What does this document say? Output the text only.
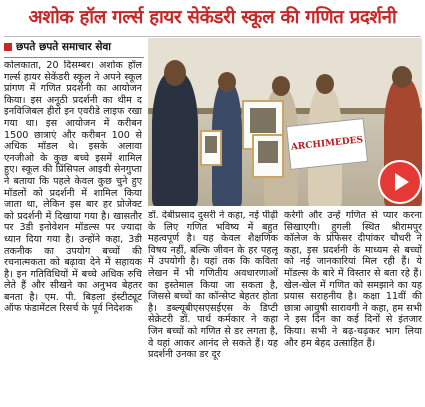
अशोक हॉल गर्ल्स हायर सेकेंडरी स्कूल की गणित प्रदर्शनी
छपते छपते समाचार सेवा

कोलकाता, 20 दिसम्बर। अशोक हॉल गर्ल्स हायर सेकेंडरी स्कूल ने अपने स्कूल प्रांगण में गणित प्रदर्शनी का आयोजन किया। इस अनूठी प्रदर्शनी का थीम द इनविजिबल हीरो इन एवरीडे लाइफ रखा गया था। इस आयोजन में करीबन 1500 छात्राएं और करीबन 100 से अधिक मॉडल थे। इसके अलावा एनजीओ के कुछ बच्चे इसमें शामिल हुए। स्कूल की प्रिंसिपल आइवी सेनगुप्ता ने बताया कि पहले केवल कुछ चुने हुए मॉडलों को प्रदर्शनी में शामिल किया जाता था, लेकिन इस बार हर प्रोजेक्ट को प्रदर्शनी में दिखाया गया है। खासतौर पर 3डी इनोवेशन मॉडल्स पर ज्यादा ध्यान दिया गया है। उन्होंने कहा, 3डी तकनीक का उपयोग बच्चों की रचनात्मकता को बढ़ावा देने में सहायक है। इन गतिविधियों में बच्चे अधिक रुचि लेते हैं और सीखने का अनुभव बेहतर बनता है। एम. पी. बिड़ला इंस्टीट्यूट ऑफ फंडामेंटल रिसर्च के पूर्व निदेशक

ARCHIMEDES

डॉ. देबीप्रसाद दुसरी ने कहा, नई पीढ़ी के लिए गणित भविष्य में बहुत महत्वपूर्ण है। यह केवल शैक्षणिक विषय नहीं, बल्कि जीवन के हर पहलू में उपयोगी है। यहां तक कि कविता लेखन में भी गणितीय अवधारणाओं का इस्तेमाल किया जा सकता है, जिससे बच्चों का कॉन्सेप्ट बेहतर होता है। डब्ल्यूबीएसएसईएस के डिप्टी सेक्रेटरी डॉ. पार्थ कर्मकार ने कहा जिन बच्चों को गणित से डर लगता है, वे यहां आकर आनंद ले सकते हैं। यह प्रदर्शनी उनका डर दूर

करेगी और उन्हें गणित से प्यार करना सिखाएगी। हुगली स्थित श्रीरामपुर कॉलेज के प्रोफेसर दीपांकर चौधरी ने कहा, इस प्रदर्शनी के माध्यम से बच्चों को नई जानकारियां मिल रही हैं। ये मॉडल्स के बारे में विस्तार से बता रहे हैं। खेल-खेल में गणित को समझाने का यह प्रयास सराहनीय है। कक्षा 11वीं की छात्रा आयुषी सारावगी ने कहा, हम सभी ने इस दिन का कई दिनों से इंतजार किया। सभी ने बढ़-चढ़कर भाग लिया और हम बेहद उत्साहित हैं।
